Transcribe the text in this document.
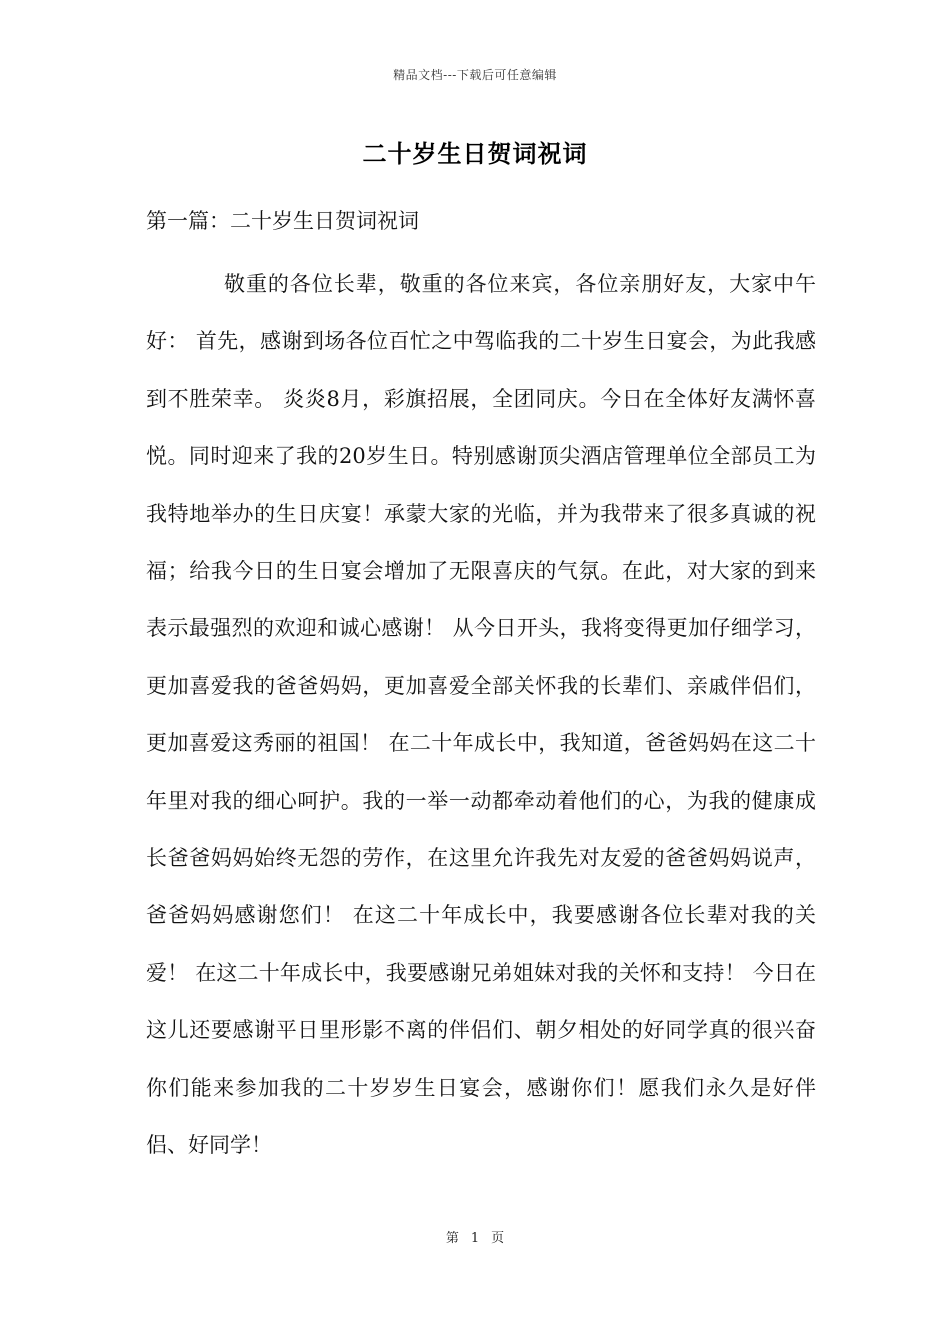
精品文档---下载后可任意编辑
二十岁生日贺词祝词
第一篇：二十岁生日贺词祝词

敬重的各位长辈，敬重的各位来宾，各位亲朋好友，大家中午好： 首先，感谢到场各位百忙之中驾临我的二十岁生日宴会，为此我感到不胜荣幸。 炎炎8月，彩旗招展，全团同庆。今日在全体好友满怀喜悦。同时迎来了我的20岁生日。特别感谢顶尖酒店管理单位全部员工为我特地举办的生日庆宴！承蒙大家的光临，并为我带来了很多真诚的祝福；给我今日的生日宴会增加了无限喜庆的气氛。在此，对大家的到来表示最强烈的欢迎和诚心感谢！ 从今日开头，我将变得更加仔细学习，更加喜爱我的爸爸妈妈，更加喜爱全部关怀我的长辈们、亲戚伴侣们，更加喜爱这秀丽的祖国！ 在二十年成长中，我知道，爸爸妈妈在这二十年里对我的细心呵护。我的一举一动都牵动着他们的心，为我的健康成长爸爸妈妈始终无怨的劳作，在这里允许我先对友爱的爸爸妈妈说声，爸爸妈妈感谢您们！ 在这二十年成长中，我要感谢各位长辈对我的关爱！ 在这二十年成长中，我要感谢兄弟姐妹对我的关怀和支持！ 今日在这儿还要感谢平日里形影不离的伴侣们、朝夕相处的好同学真的很兴奋你们能来参加我的二十岁岁生日宴会，感谢你们！愿我们永久是好伴侣、好同学！

第 1 页
